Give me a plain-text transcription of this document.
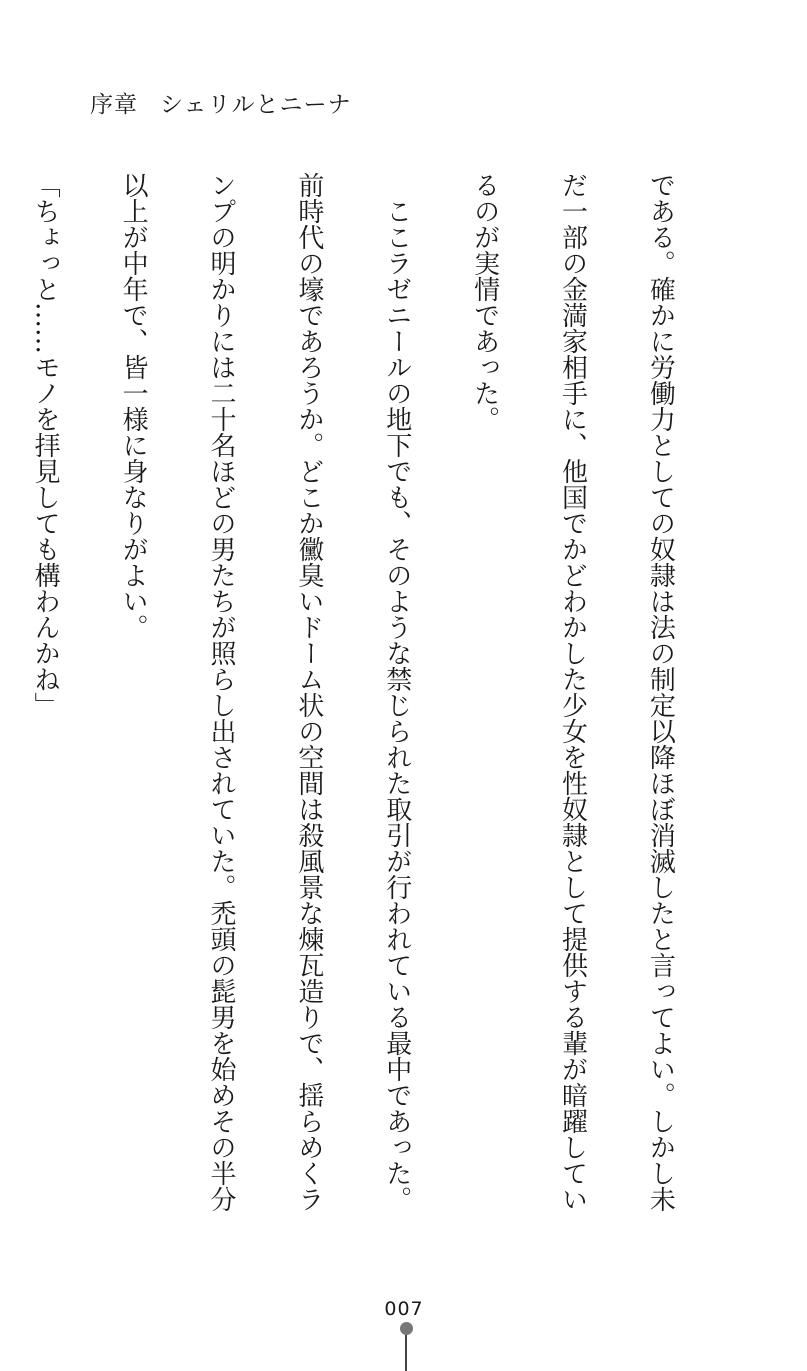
序章 シェリルとニーナ

である。確かに労働力としての奴隷は法の制定以降ほぼ消滅したと言ってよい。しかし未

だ一部の金満家相手に、他国でかどわかした少女を性奴隷として提供する輩が暗躍してい

るのが実情であった。

　ここラゼニールの地下でも、そのような禁じられた取引が行われている最中であった。

前時代の壕であろうか。どこか黴臭いドーム状の空間は殺風景な煉瓦造りで、揺らめくラ

ンプの明かりには二十名ほどの男たちが照らし出されていた。禿頭の髭男を始めその半分

以上が中年で、皆一様に身なりがよい。

「ちょっと……モノを拝見しても構わんかね」

007
